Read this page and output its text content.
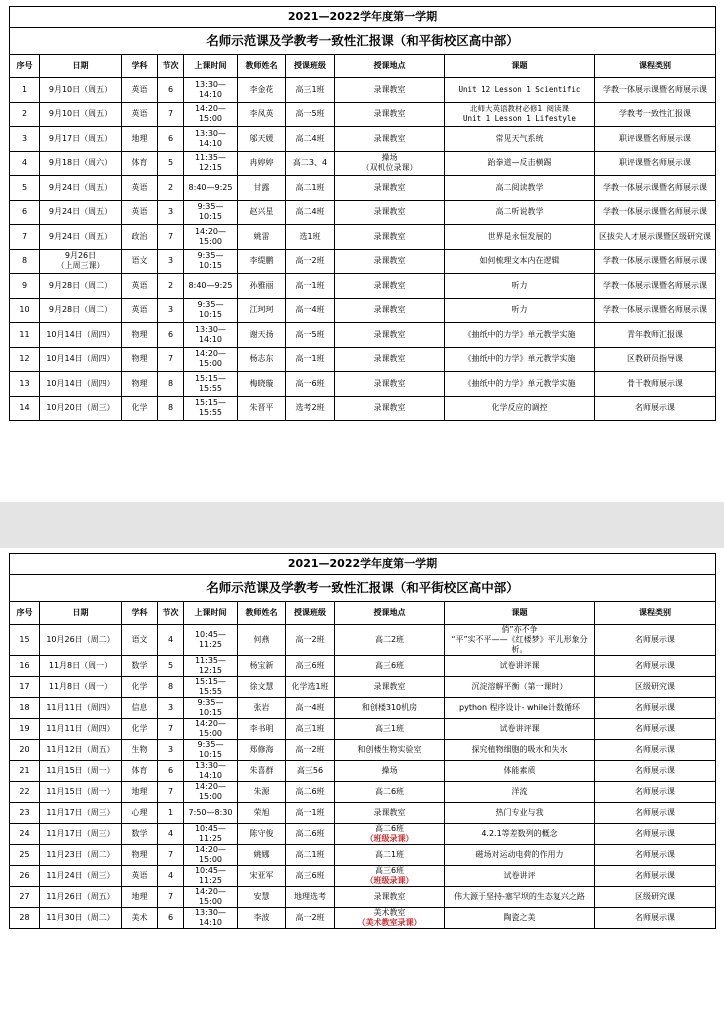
2021—2022学年度第一学期									
名师示范课及学教考一致性汇报课（和平街校区高中部）									
序号	日期	学科	节次	上课时间	教师姓名	授课班级	授课地点	课题	课程类别
1	9月10日（周五）	英语	6	13:30—
14:10	李金花	高三1班	录课教室	Unit 12 Lesson 1 Scientific	学教一体展示课暨名师展示课
2	9月10日（周五）	英语	7	14:20—
15:00	李凤英	高一5班	录课教室	北师大英语教材必修1 阅读课
Unit 1 Lesson 1 Lifestyle	学教考一致性汇报课
3	9月17日（周五）	地理	6	13:30—
14:10	邬天媛	高二4班	录课教室	常见天气系统	职评课暨名师展示课
4	9月18日（周六）	体育	5	11:35—
12:15	冉婷婷	高二3、4	操场
（双机位录课）	跆拳道—反击横踢	职评课暨名师展示课
5	9月24日（周五）	英语	2	8:40—9:25	甘露	高二1班	录课教室	高二阅读教学	学教一体展示课暨名师展示课
6	9月24日（周五）	英语	3	9:35—
10:15	赵兴星	高二4班	录课教室	高二听说教学	学教一体展示课暨名师展示课
7	9月24日（周五）	政治	7	14:20—
15:00	姚雷	选1班	录课教室	世界是永恒发展的	区拔尖人才展示课暨区级研究课
8	9月26日
（上周三课）	语文	3	9:35—
10:15	李缇鹏	高一2班	录课教室	如何梳理文本内在逻辑	学教一体展示课暨名师展示课
9	9月28日（周二）	英语	2	8:40—9:25	孙雅丽	高一1班	录课教室	听力	学教一体展示课暨名师展示课
10	9月28日（周二）	英语	3	9:35—
10:15	江珂珂	高一4班	录课教室	听力	学教一体展示课暨名师展示课
11	10月14日（周四）	物理	6	13:30—
14:10	谢天扬	高一5班	录课教室	《抽纸中的力学》单元教学实施	青年教师汇报课
12	10月14日（周四）	物理	7	14:20—
15:00	杨志东	高一1班	录课教室	《抽纸中的力学》单元教学实施	区教研员指导课
13	10月14日（周四）	物理	8	15:15—
15:55	梅晓璇	高一6班	录课教室	《抽纸中的力学》单元教学实施	骨干教师展示课
14	10月20日（周三）	化学	8	15:15—
15:55	朱晋平	选考2班	录课教室	化学反应的调控	名师展示课
2021—2022学年度第一学期									
名师示范课及学教考一致性汇报课（和平街校区高中部）									
序号	日期	学科	节次	上课时间	教师姓名	授课班级	授课地点	课题	课程类别
15	10月26日（周二）	语文	4	10:45—
11:25	何燕	高一2班	高二2班	俏”亦不争
“平”实不平——《红楼梦》平儿形象分析。	名师展示课
16	11月8日（周一）	数学	5	11:35—
12:15	杨宝新	高三6班	高三6班	试卷讲评课	名师展示课
17	11月8日（周一）	化学	8	15:15—
15:55	徐文慧	化学选1班	录课教室	沉淀溶解平衡（第一课时）	区级研究课
18	11月11日（周四）	信息	3	9:35—
10:15	张岩	高一4班	和创楼310机房	python 程序设计- while计数循环	名师展示课
19	11月11日（周四）	化学	7	14:20—
15:00	李书明	高三1班	高三1班	试卷讲评课	名师展示课
20	11月12日（周五）	生物	3	9:35—
10:15	郑修海	高一2班	和创楼生物实验室	探究植物细胞的吸水和失水	名师展示课
21	11月15日（周一）	体育	6	13:30—
14:10	朱喜群	高三56	操场	体能素质	名师展示课
22	11月15日（周一）	地理	7	14:20—
15:00	朱源	高二6班	高二6班	洋流	名师展示课
23	11月17日（周三）	心理	1	7:50—8:30	荣旭	高一1班	录课教室	热门专业与我	名师展示课
24	11月17日（周三）	数学	4	10:45—
11:25	陈守俊	高二6班	高二6班
（班级录课）	4.2.1等差数列的概念	名师展示课
25	11月23日（周二）	物理	7	14:20—
15:00	姚娜	高二1班	高二1班	磁场对运动电荷的作用力	名师展示课
26	11月24日（周三）	英语	4	10:45—
11:25	宋亚军	高三6班	高三6班
（班级录课）	试卷讲评	名师展示课
27	11月26日（周五）	地理	7	14:20—
15:00	安慧	地理选考	录课教室	伟大源于坚持-塞罕坝的生态复兴之路	区级研究课
28	11月30日（周二）	美术	6	13:30—
14:10	李波	高一2班	美术教室
（美术教室录课）	陶瓷之美	名师展示课
